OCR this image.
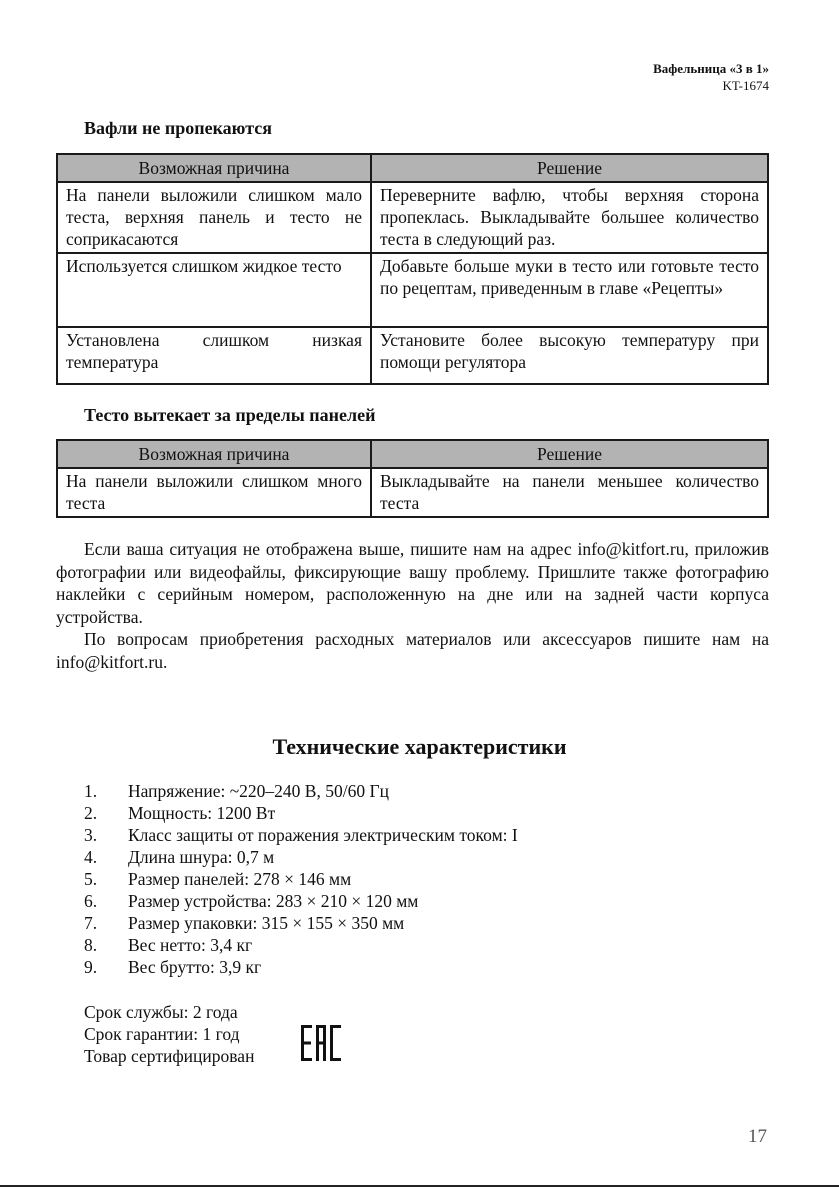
Вафельница «3 в 1»
KT-1674
Вафли не пропекаются
Возможная причина	Решение
На панели выложили слишком мало теста, верхняя панель и тесто не соприкасаются	Переверните вафлю, чтобы верхняя сторона пропеклась. Выкладывайте большее количество теста в следующий раз.
Используется слишком жидкое тесто	Добавьте больше муки в тесто или готовьте тесто по рецептам, приведенным в главе «Рецепты»
Установлена слишком низкая температура	Установите более высокую температуру при помощи регулятора
Тесто вытекает за пределы панелей
Возможная причина	Решение
На панели выложили слишком много теста	Выкладывайте на панели меньшее количество теста

Если ваша ситуация не отображена выше, пишите нам на адрес info@kitfort.ru, приложив фотографии или видеофайлы, фиксирующие вашу проблему. Пришлите также фотографию наклейки с серийным номером, расположенную на дне или на задней части корпуса устройства.

По вопросам приобретения расходных материалов или аксессуаров пишите нам на info@kitfort.ru.

Технические характеристики
1.	Напряжение: ~220–240 В, 50/60 Гц
2.	Мощность: 1200 Вт
3.	Класс защиты от поражения электрическим током: I
4.	Длина шнура: 0,7 м
5.	Размер панелей: 278 × 146 мм
6.	Размер устройства: 283 × 210 × 120 мм
7.	Размер упаковки: 315 × 155 × 350 мм
8.	Вес нетто: 3,4 кг
9.	Вес брутто: 3,9 кг
Срок службы: 2 года
Срок гарантии: 1 год
Товар сертифицирован
17
